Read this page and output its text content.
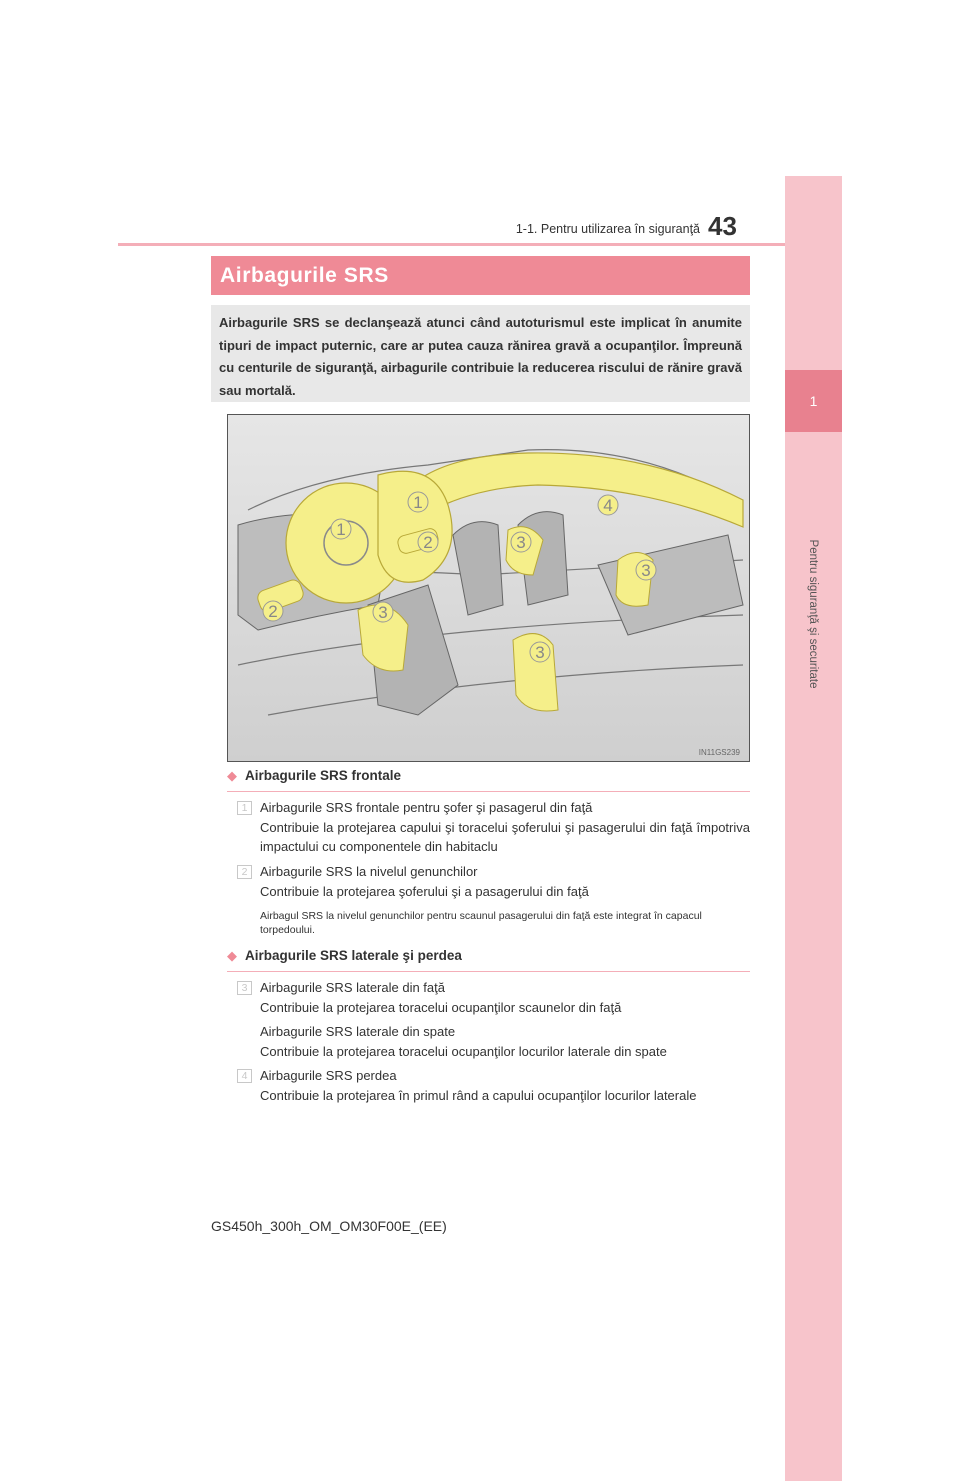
1
Pentru siguranţă şi securitate
1-1. Pentru utilizarea în siguranţă 43
Airbagurile SRS
Airbagurile SRS se declanşează atunci când autoturismul este implicat în anumite tipuri de impact puternic, care ar putea cauza rănirea gravă a ocupanţilor. Împreună cu centurile de siguranţă, airbagurile contribuie la reducerea riscului de rănire gravă sau mortală.
1
1
2
2
3
3
3
3
4
IN11GS239
◆ Airbagurile SRS frontale
1 Airbagurile SRS frontale pentru şofer şi pasagerul din faţă
Contribuie la protejarea capului şi toracelui şoferului şi pasagerului din faţă împotriva impactului cu componentele din habitaclu
2 Airbagurile SRS la nivelul genunchilor
Contribuie la protejarea şoferului şi a pasagerului din faţă
Airbagul SRS la nivelul genunchilor pentru scaunul pasagerului din faţă este integrat în capacul torpedoului.
◆ Airbagurile SRS laterale şi perdea
3 Airbagurile SRS laterale din faţă
Contribuie la protejarea toracelui ocupanţilor scaunelor din faţă
Airbagurile SRS laterale din spate
Contribuie la protejarea toracelui ocupanţilor locurilor laterale din spate
4 Airbagurile SRS perdea
Contribuie la protejarea în primul rând a capului ocupanţilor locurilor laterale
GS450h_300h_OM_OM30F00E_(EE)
